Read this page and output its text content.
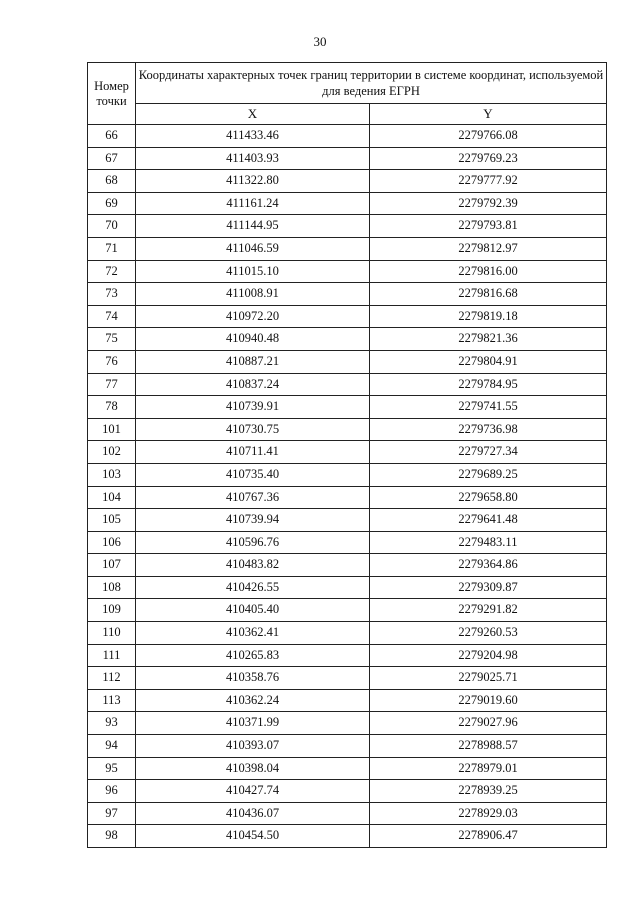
30
Номер точки	Координаты характерных точек границ территории в системе координат, используемой для ведения ЕГРН	
	X	Y
66	411433.46	2279766.08
67	411403.93	2279769.23
68	411322.80	2279777.92
69	411161.24	2279792.39
70	411144.95	2279793.81
71	411046.59	2279812.97
72	411015.10	2279816.00
73	411008.91	2279816.68
74	410972.20	2279819.18
75	410940.48	2279821.36
76	410887.21	2279804.91
77	410837.24	2279784.95
78	410739.91	2279741.55
101	410730.75	2279736.98
102	410711.41	2279727.34
103	410735.40	2279689.25
104	410767.36	2279658.80
105	410739.94	2279641.48
106	410596.76	2279483.11
107	410483.82	2279364.86
108	410426.55	2279309.87
109	410405.40	2279291.82
110	410362.41	2279260.53
111	410265.83	2279204.98
112	410358.76	2279025.71
113	410362.24	2279019.60
93	410371.99	2279027.96
94	410393.07	2278988.57
95	410398.04	2278979.01
96	410427.74	2278939.25
97	410436.07	2278929.03
98	410454.50	2278906.47
